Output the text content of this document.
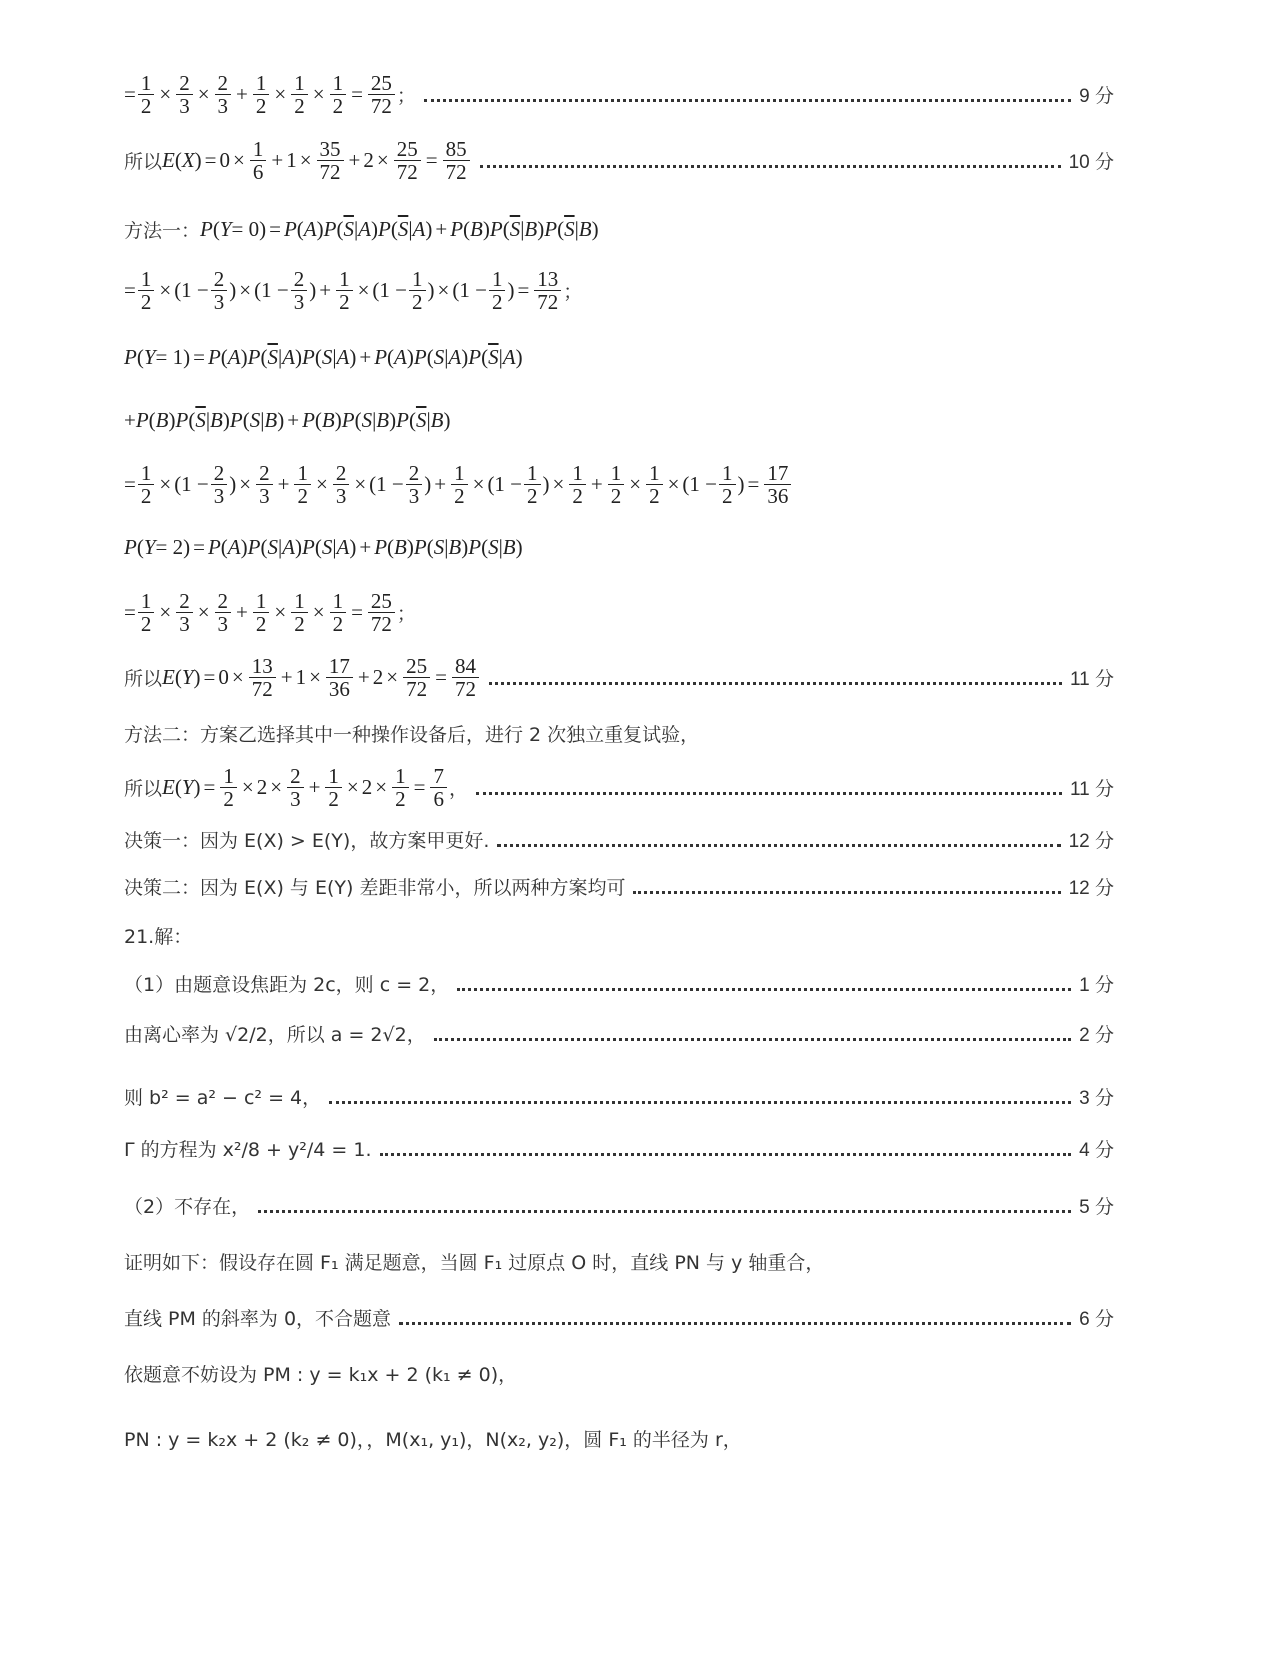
= $\frac{1}{2} \times \frac{2}{3} \times \frac{2}{3} + \frac{1}{2} \times \frac{1}{2} \times \frac{1}{2} = \frac{25}{72}$ ；	9 分
所以 E ( X ) = $0 \times \frac{1}{6} + 1 \times \frac{35}{72} + 2 \times \frac{25}{72} = \frac{85}{72}$	10 分
方法一： P ( Y = 0) = P ( A ) P ( $\overline{S}$ | A ) P ( $\overline{S}$ | A ) + P ( B ) P ( $\overline{S}$ | B ) P ( $\overline{S}$ | B )
= $\frac{1}{2} \times (1 - \frac{2}{3}$ ) × ($1 - \frac{2}{3}$ ) + $\frac{1}{2} \times (1 - \frac{1}{2}$ ) × ($1 - \frac{1}{2}$ ) = $\frac{13}{72}$ ；
P ( Y = 1) = P ( A ) P ( $\overline{S}$ | A ) P ( S | A ) + P ( A ) P ( S | A ) P ( $\overline{S}$ | A )
+ P ( B ) P ( $\overline{S}$ | B ) P ( S | B ) + P ( B ) P ( S | B ) P ( $\overline{S}$ | B )
= $\frac{1}{2} \times (1 - \frac{2}{3}$ ) × $\frac{2}{3} + \frac{1}{2} \times \frac{2}{3} \times (1 - \frac{2}{3}$ ) + $\frac{1}{2} \times (1 - \frac{1}{2}$ ) × $\frac{1}{2} + \frac{1}{2} \times \frac{1}{2} \times (1 - \frac{1}{2}$ ) = $\frac{17}{36}$
P ( Y = 2) = P ( A ) P ( S | A ) P ( S | A ) + P ( B ) P ( S | B ) P ( S | B )
= $\frac{1}{2} \times \frac{2}{3} \times \frac{2}{3} + \frac{1}{2} \times \frac{1}{2} \times \frac{1}{2} = \frac{25}{72}$ ；
所以 E ( Y ) = $0 \times \frac{13}{72} + 1 \times \frac{17}{36} + 2 \times \frac{25}{72} = \frac{84}{72}$	11 分
方法二：方案乙选择其中一种操作设备后，进行 2 次独立重复试验，
所以 E ( Y ) = $\frac{1}{2} \times 2 \times \frac{2}{3} + \frac{1}{2} \times 2 \times \frac{1}{2} = \frac{7}{6}$ ，	11 分
决策一：因为 E(X) > E(Y)，故方案甲更好.	12 分
决策二：因为 E(X) 与 E(Y) 差距非常小，所以两种方案均可	12 分
21.解：
（1）由题意设焦距为 2c，则 c = 2，	1 分
由离心率为 √2/2，所以 a = 2√2，	2 分
则 b² = a² − c² = 4，	3 分
Γ 的方程为 x²/8 + y²/4 = 1.	4 分
（2）不存在，	5 分
证明如下：假设存在圆 F₁ 满足题意，当圆 F₁ 过原点 O 时，直线 PN 与 y 轴重合，
直线 PM 的斜率为 0，不合题意	6 分
依题意不妨设为 PM : y = k₁x + 2 (k₁ ≠ 0)，
PN : y = k₂x + 2 (k₂ ≠ 0)，，M(x₁, y₁)，N(x₂, y₂)，圆 F₁ 的半径为 r，
